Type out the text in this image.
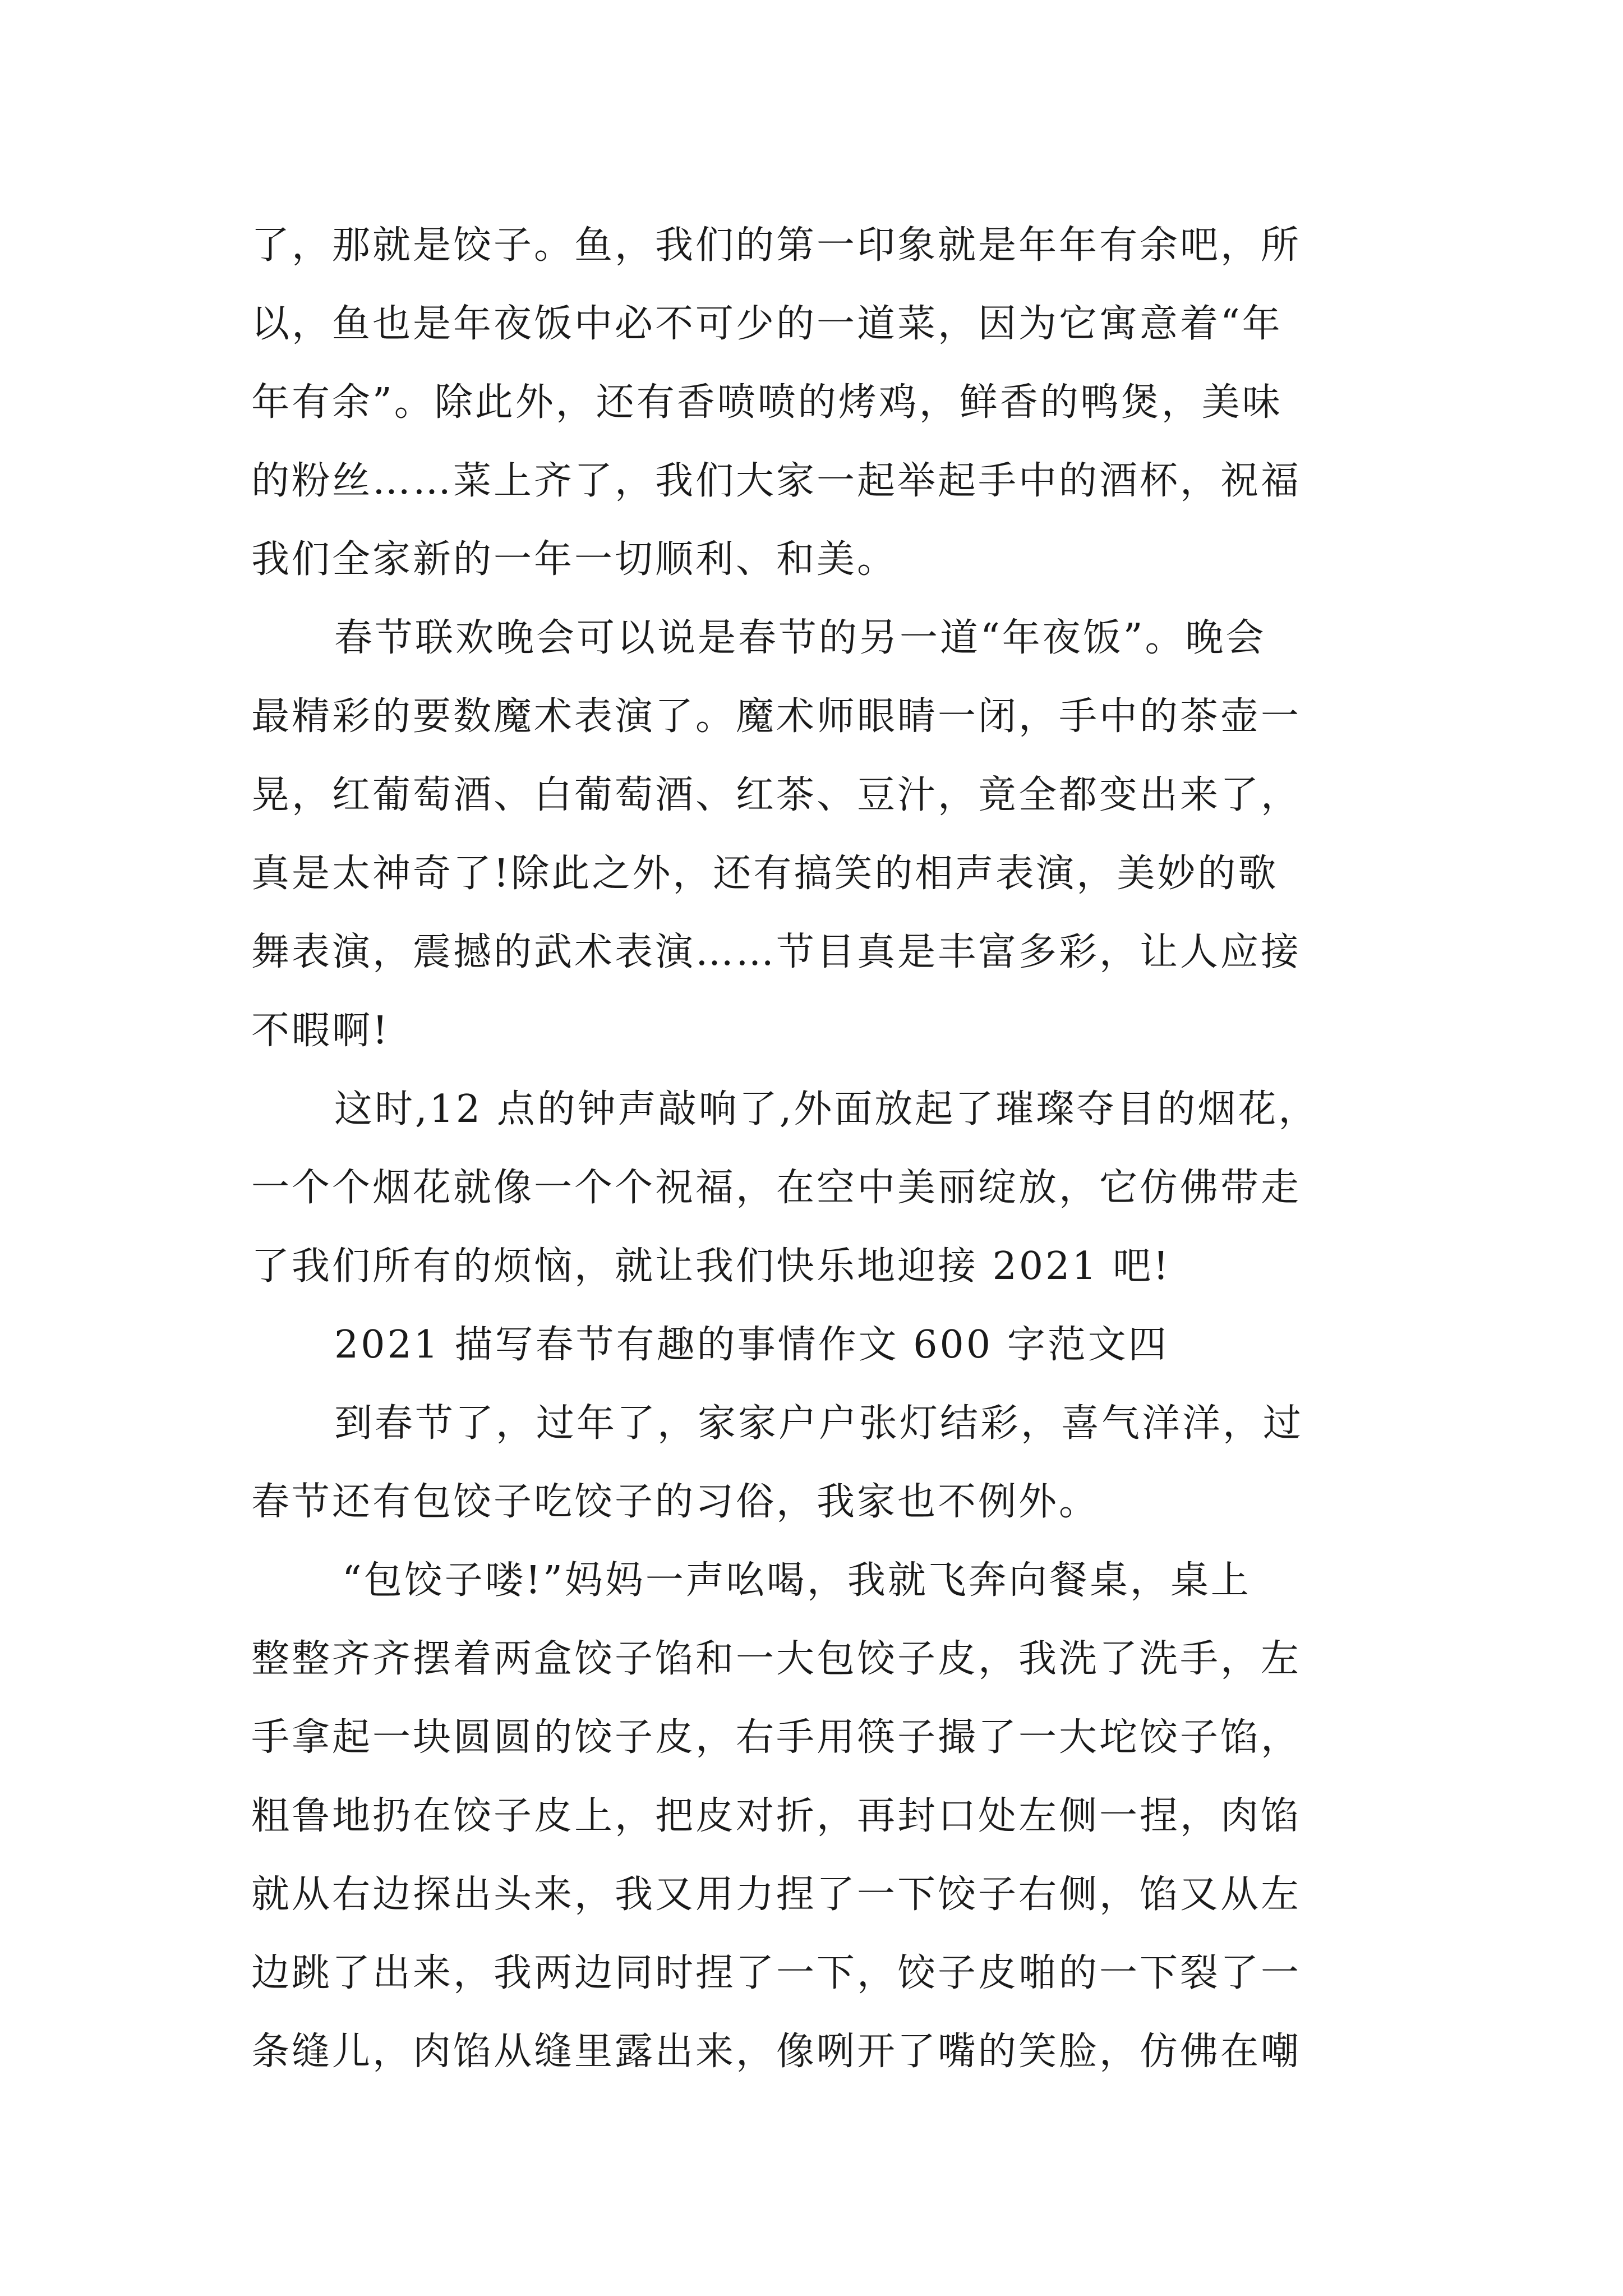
了，那就是饺子。鱼，我们的第一印象就是年年有余吧，所
以，鱼也是年夜饭中必不可少的一道菜，因为它寓意着“年
年有余”。除此外，还有香喷喷的烤鸡，鲜香的鸭煲，美味
的粉丝……菜上齐了，我们大家一起举起手中的酒杯，祝福
我们全家新的一年一切顺利、和美。
春节联欢晚会可以说是春节的另一道“年夜饭”。晚会
最精彩的要数魔术表演了。魔术师眼睛一闭，手中的茶壶一
晃，红葡萄酒、白葡萄酒、红茶、豆汁，竟全都变出来了，
真是太神奇了!除此之外，还有搞笑的相声表演，美妙的歌
舞表演，震撼的武术表演……节目真是丰富多彩，让人应接
不暇啊!
这时,12 点的钟声敲响了,外面放起了璀璨夺目的烟花，
一个个烟花就像一个个祝福，在空中美丽绽放，它仿佛带走
了我们所有的烦恼，就让我们快乐地迎接 2021 吧!
2021 描写春节有趣的事情作文 600 字范文四
到春节了，过年了，家家户户张灯结彩，喜气洋洋，过
春节还有包饺子吃饺子的习俗，我家也不例外。
“包饺子喽!”妈妈一声吆喝，我就飞奔向餐桌，桌上
整整齐齐摆着两盒饺子馅和一大包饺子皮，我洗了洗手，左
手拿起一块圆圆的饺子皮，右手用筷子撮了一大坨饺子馅，
粗鲁地扔在饺子皮上，把皮对折，再封口处左侧一捏，肉馅
就从右边探出头来，我又用力捏了一下饺子右侧，馅又从左
边跳了出来，我两边同时捏了一下，饺子皮啪的一下裂了一
条缝儿，肉馅从缝里露出来，像咧开了嘴的笑脸，仿佛在嘲
